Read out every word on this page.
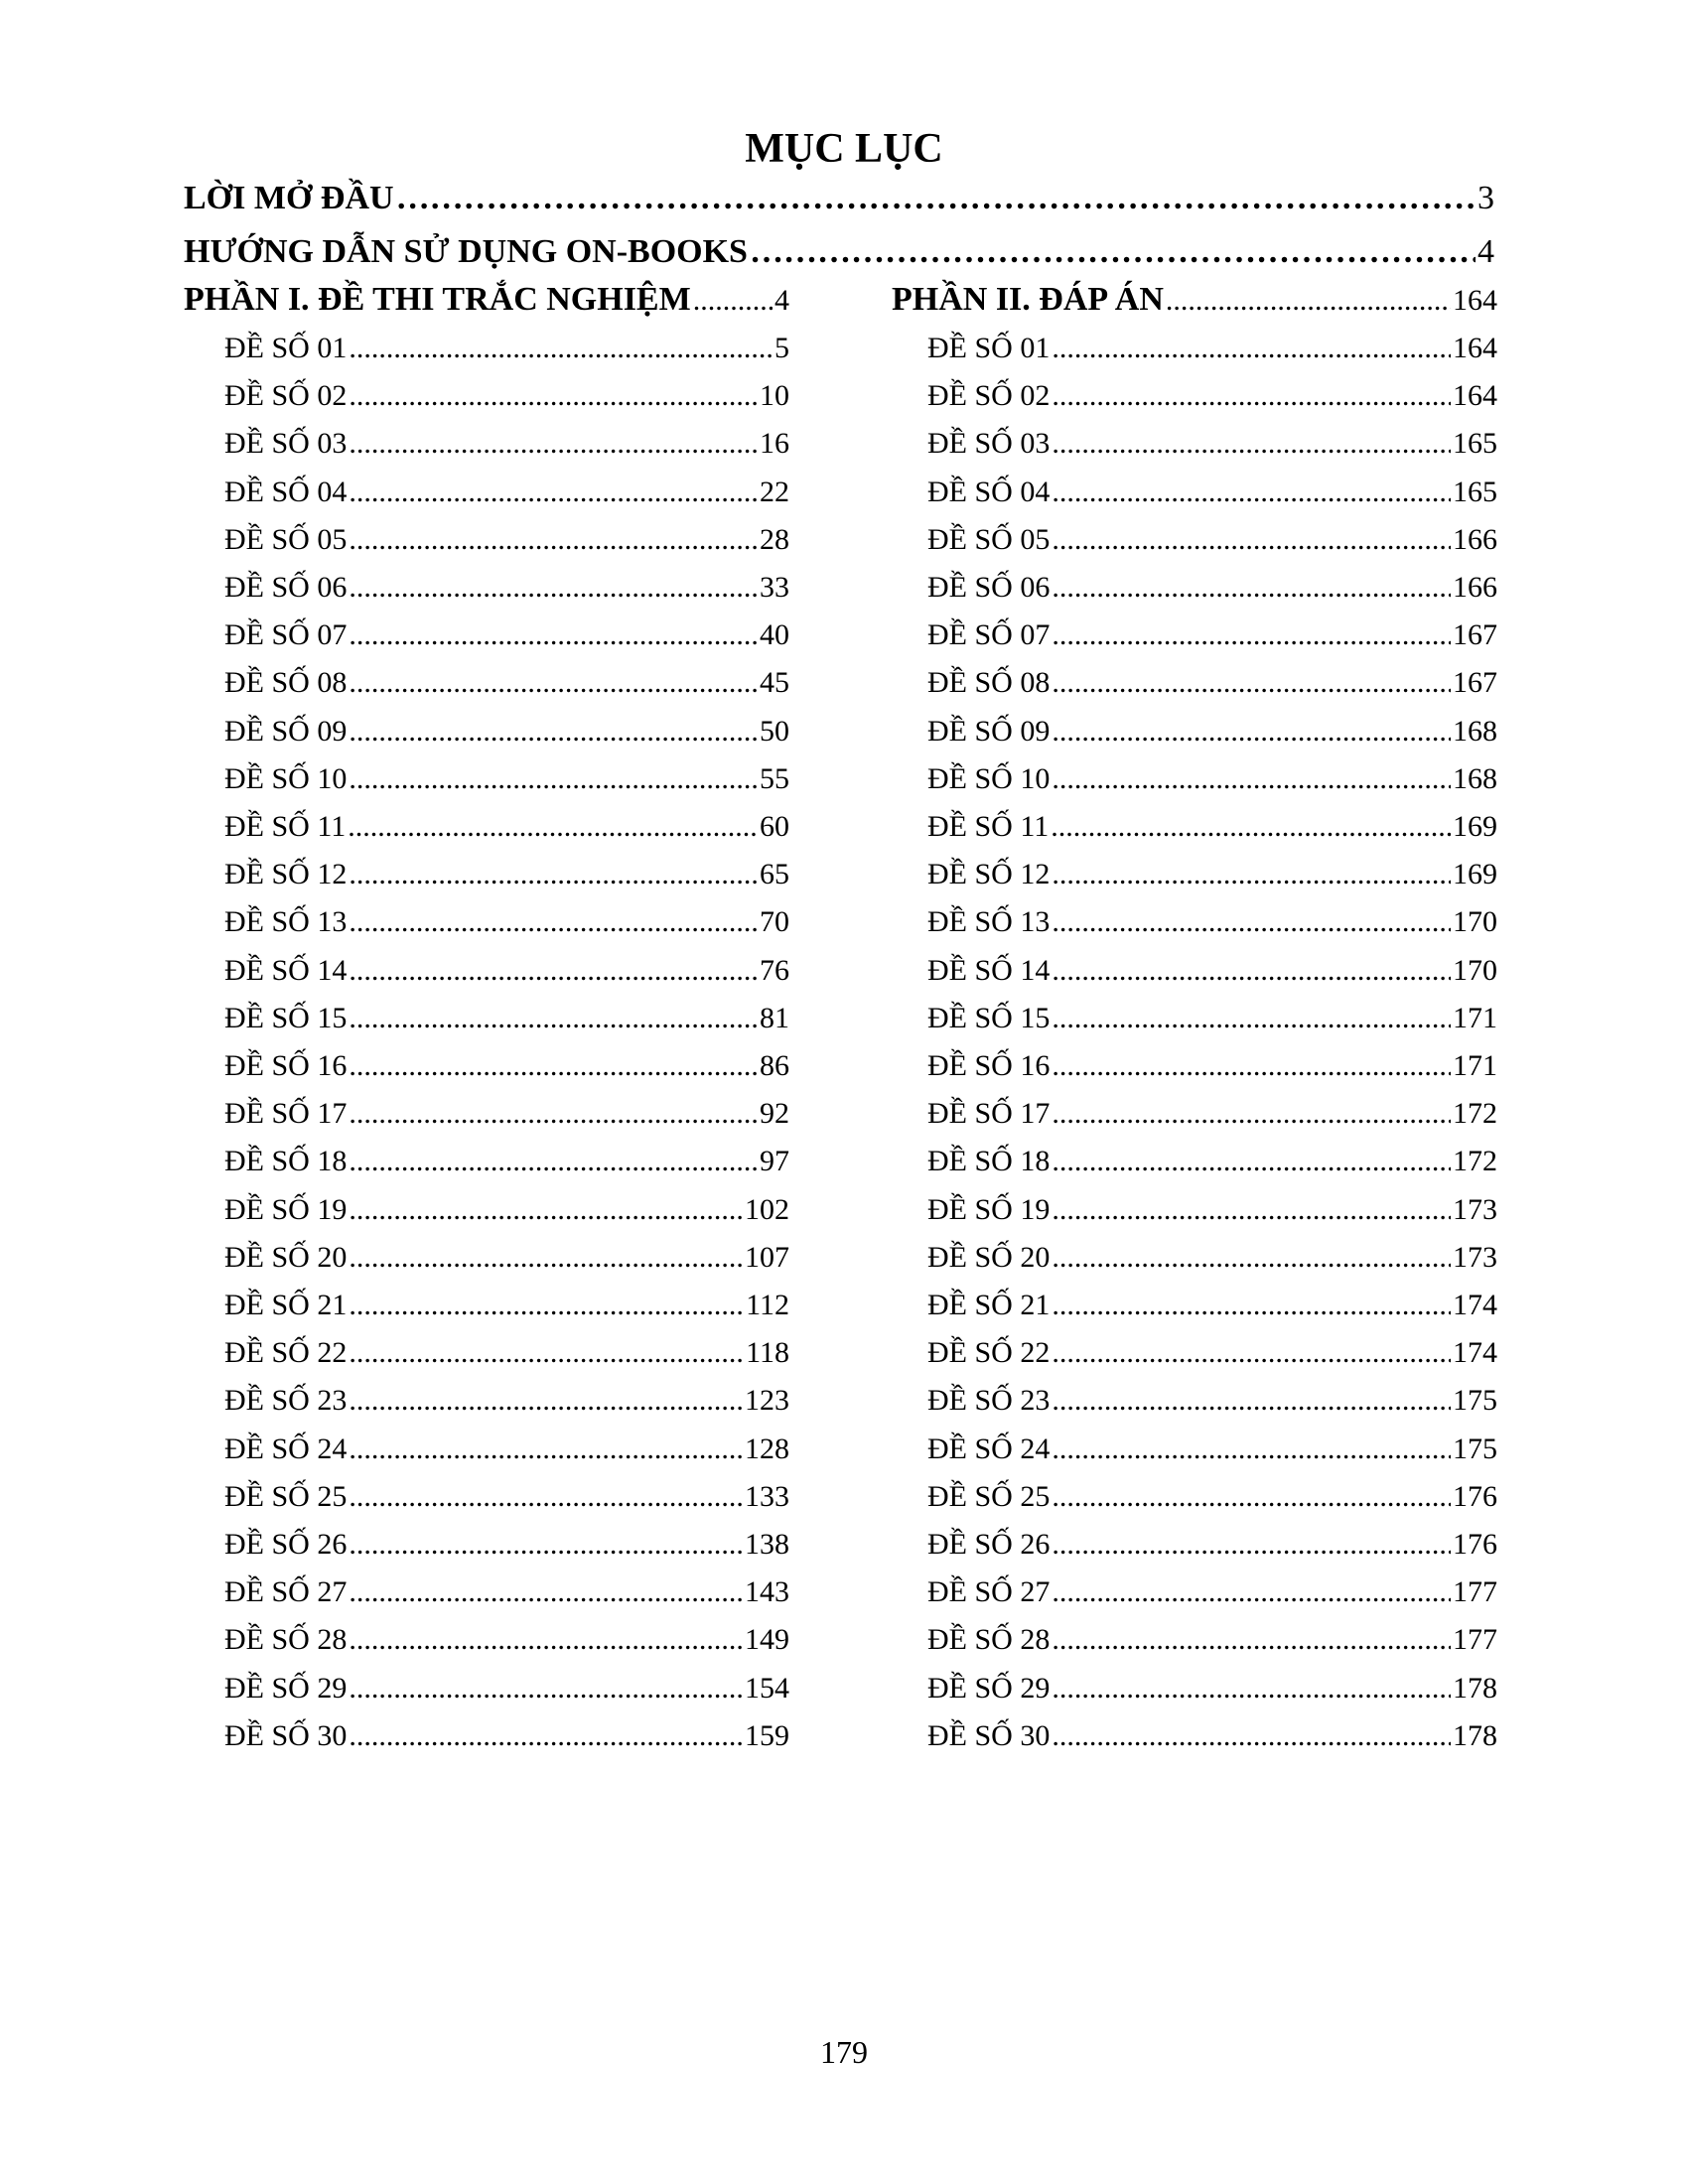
MỤC LỤC
LỜI MỞ ĐẦU ……………………………………………………………………………………………………………………………………………………………………………………………………………………………………………	3
HƯỚNG DẪN SỬ DỤNG ON-BOOKS ……………………………………………………………………………………………………………………………………………………………………………………………………………………………………………	4
PHẦN I. ĐỀ THI TRẮC NGHIỆM .....	4	PHẦN II. ĐÁP ÁN .....	164
179
ĐỀ SỐ 01 .....	5
ĐỀ SỐ 02 .....	10
ĐỀ SỐ 03 .....	16
ĐỀ SỐ 04 .....	22
ĐỀ SỐ 05 .....	28
ĐỀ SỐ 06 .....	33
ĐỀ SỐ 07 .....	40
ĐỀ SỐ 08 .....	45
ĐỀ SỐ 09 .....	50
ĐỀ SỐ 10 .....	55
ĐỀ SỐ 11 .....	60
ĐỀ SỐ 12 .....	65
ĐỀ SỐ 13 .....	70
ĐỀ SỐ 14 .....	76
ĐỀ SỐ 15 .....	81
ĐỀ SỐ 16 .....	86
ĐỀ SỐ 17 .....	92
ĐỀ SỐ 18 .....	97
ĐỀ SỐ 19 .....	102
ĐỀ SỐ 20 .....	107
ĐỀ SỐ 21 .....	112
ĐỀ SỐ 22 .....	118
ĐỀ SỐ 23 .....	123
ĐỀ SỐ 24 .....	128
ĐỀ SỐ 25 .....	133
ĐỀ SỐ 26 .....	138
ĐỀ SỐ 27 .....	143
ĐỀ SỐ 28 .....	149
ĐỀ SỐ 29 .....	154
ĐỀ SỐ 30 .....	159
ĐỀ SỐ 01 .....	164
ĐỀ SỐ 02 .....	164
ĐỀ SỐ 03 .....	165
ĐỀ SỐ 04 .....	165
ĐỀ SỐ 05 .....	166
ĐỀ SỐ 06 .....	166
ĐỀ SỐ 07 .....	167
ĐỀ SỐ 08 .....	167
ĐỀ SỐ 09 .....	168
ĐỀ SỐ 10 .....	168
ĐỀ SỐ 11 .....	169
ĐỀ SỐ 12 .....	169
ĐỀ SỐ 13 .....	170
ĐỀ SỐ 14 .....	170
ĐỀ SỐ 15 .....	171
ĐỀ SỐ 16 .....	171
ĐỀ SỐ 17 .....	172
ĐỀ SỐ 18 .....	172
ĐỀ SỐ 19 .....	173
ĐỀ SỐ 20 .....	173
ĐỀ SỐ 21 .....	174
ĐỀ SỐ 22 .....	174
ĐỀ SỐ 23 .....	175
ĐỀ SỐ 24 .....	175
ĐỀ SỐ 25 .....	176
ĐỀ SỐ 26 .....	176
ĐỀ SỐ 27 .....	177
ĐỀ SỐ 28 .....	177
ĐỀ SỐ 29 .....	178
ĐỀ SỐ 30 .....	178
